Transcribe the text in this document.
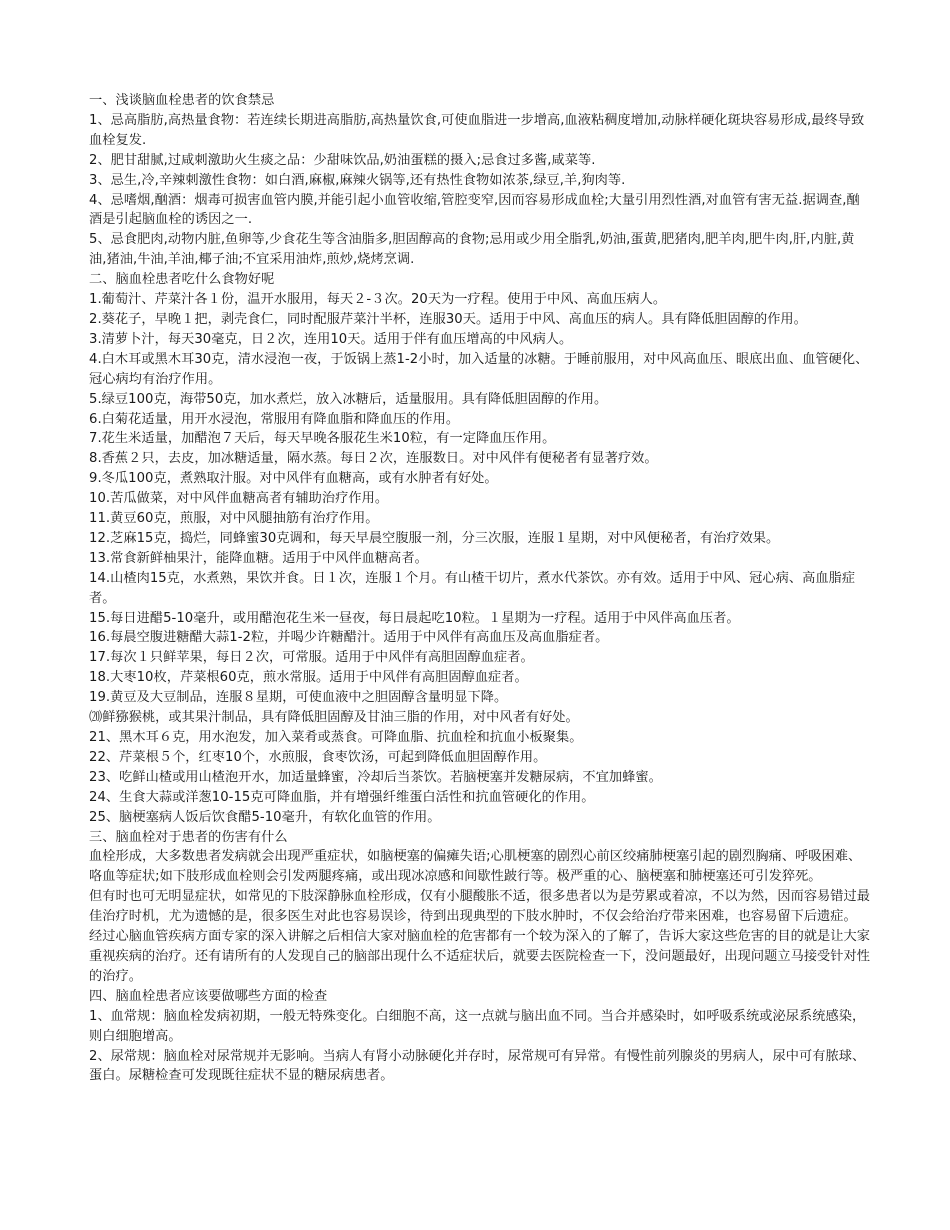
一、浅谈脑血栓患者的饮食禁忌

1、忌高脂肪,高热量食物：若连续长期进高脂肪,高热量饮食,可使血脂进一步增高,血液粘稠度增加,动脉样硬化斑块容易形成,最终导致血栓复发.

2、肥甘甜腻,过咸刺激助火生痰之品：少甜味饮品,奶油蛋糕的摄入;忌食过多酱,咸菜等.

3、忌生,冷,辛辣刺激性食物：如白酒,麻椒,麻辣火锅等,还有热性食物如浓茶,绿豆,羊,狗肉等.

4、忌嗜烟,酗酒：烟毒可损害血管内膜,并能引起小血管收缩,管腔变窄,因而容易形成血栓;大量引用烈性酒,对血管有害无益.据调查,酗酒是引起脑血栓的诱因之一.

5、忌食肥肉,动物内脏,鱼卵等,少食花生等含油脂多,胆固醇高的食物;忌用或少用全脂乳,奶油,蛋黄,肥猪肉,肥羊肉,肥牛肉,肝,内脏,黄油,猪油,牛油,羊油,椰子油;不宜采用油炸,煎炒,烧烤烹调.

二、脑血栓患者吃什么食物好呢

1.葡萄汁、芹菜汁各１份，温开水服用，每天２-３次。20天为一疗程。使用于中风、高血压病人。

2.葵花子，早晚１把，剥壳食仁，同时配服芹菜汁半杯，连服30天。适用于中风、高血压的病人。具有降低胆固醇的作用。

3.清萝卜汁，每天30毫克，日２次，连用10天。适用于伴有血压增高的中风病人。

4.白木耳或黑木耳30克，清水浸泡一夜，于饭锅上蒸1-2小时，加入适量的冰糖。于睡前服用，对中风高血压、眼底出血、血管硬化、冠心病均有治疗作用。

5.绿豆100克，海带50克，加水煮烂，放入冰糖后，适量服用。具有降低胆固醇的作用。

6.白菊花适量，用开水浸泡，常服用有降血脂和降血压的作用。

7.花生米适量，加醋泡７天后，每天早晚各服花生米10粒，有一定降血压作用。

8.香蕉２只，去皮，加冰糖适量，隔水蒸。每日２次，连服数日。对中风伴有便秘者有显著疗效。

9.冬瓜100克，煮熟取汁服。对中风伴有血糖高，或有水肿者有好处。

10.苦瓜做菜，对中风伴血糖高者有辅助治疗作用。

11.黄豆60克，煎服，对中风腿抽筋有治疗作用。

12.芝麻15克，捣烂，同蜂蜜30克调和，每天早晨空腹服一剂，分三次服，连服１星期，对中风便秘者，有治疗效果。

13.常食新鲜柚果汁，能降血糖。适用于中风伴血糖高者。

14.山楂肉15克，水煮熟，果饮并食。日１次，连服１个月。有山楂干切片，煮水代茶饮。亦有效。适用于中风、冠心病、高血脂症者。

15.每日进醋5-10毫升，或用醋泡花生米一昼夜，每日晨起吃10粒。１星期为一疗程。适用于中风伴高血压者。

16.每晨空腹进糖醋大蒜1-2粒，并喝少许糖醋汁。适用于中风伴有高血压及高血脂症者。

17.每次１只鲜苹果，每日２次，可常服。适用于中风伴有高胆固醇血症者。

18.大枣10枚，芹菜根60克，煎水常服。适用于中风伴有高胆固醇血症者。

19.黄豆及大豆制品，连服８星期，可使血液中之胆固醇含量明显下降。

⒇鲜猕猴桃，或其果汁制品，具有降低胆固醇及甘油三脂的作用，对中风者有好处。

21、黑木耳６克，用水泡发，加入菜肴或蒸食。可降血脂、抗血栓和抗血小板聚集。

22、芹菜根５个，红枣10个，水煎服，食枣饮汤，可起到降低血胆固醇作用。

23、吃鲜山楂或用山楂泡开水，加适量蜂蜜，冷却后当茶饮。若脑梗塞并发糖尿病，不宜加蜂蜜。

24、生食大蒜或洋葱10-15克可降血脂，并有增强纤维蛋白活性和抗血管硬化的作用。

25、脑梗塞病人饭后饮食醋5-10毫升，有软化血管的作用。

三、脑血栓对于患者的伤害有什么

血栓形成，大多数患者发病就会出现严重症状，如脑梗塞的偏瘫失语;心肌梗塞的剧烈心前区绞痛肺梗塞引起的剧烈胸痛、呼吸困难、咯血等症状;如下肢形成血栓则会引发两腿疼痛，或出现冰凉感和间歇性跛行等。极严重的心、脑梗塞和肺梗塞还可引发猝死。

但有时也可无明显症状，如常见的下肢深静脉血栓形成，仅有小腿酸胀不适，很多患者以为是劳累或着凉，不以为然，因而容易错过最佳治疗时机，尤为遗憾的是，很多医生对此也容易误诊，待到出现典型的下肢水肿时，不仅会给治疗带来困难，也容易留下后遗症。

经过心脑血管疾病方面专家的深入讲解之后相信大家对脑血栓的危害都有一个较为深入的了解了，告诉大家这些危害的目的就是让大家重视疾病的治疗。还有请所有的人发现自己的脑部出现什么不适症状后，就要去医院检查一下，没问题最好，出现问题立马接受针对性的治疗。

四、脑血栓患者应该要做哪些方面的检查

1、血常规：脑血栓发病初期，一般无特殊变化。白细胞不高，这一点就与脑出血不同。当合并感染时，如呼吸系统或泌尿系统感染，则白细胞增高。

2、尿常规：脑血栓对尿常规并无影响。当病人有肾小动脉硬化并存时，尿常规可有异常。有慢性前列腺炎的男病人，尿中可有脓球、蛋白。尿糖检查可发现既往症状不显的糖尿病患者。
